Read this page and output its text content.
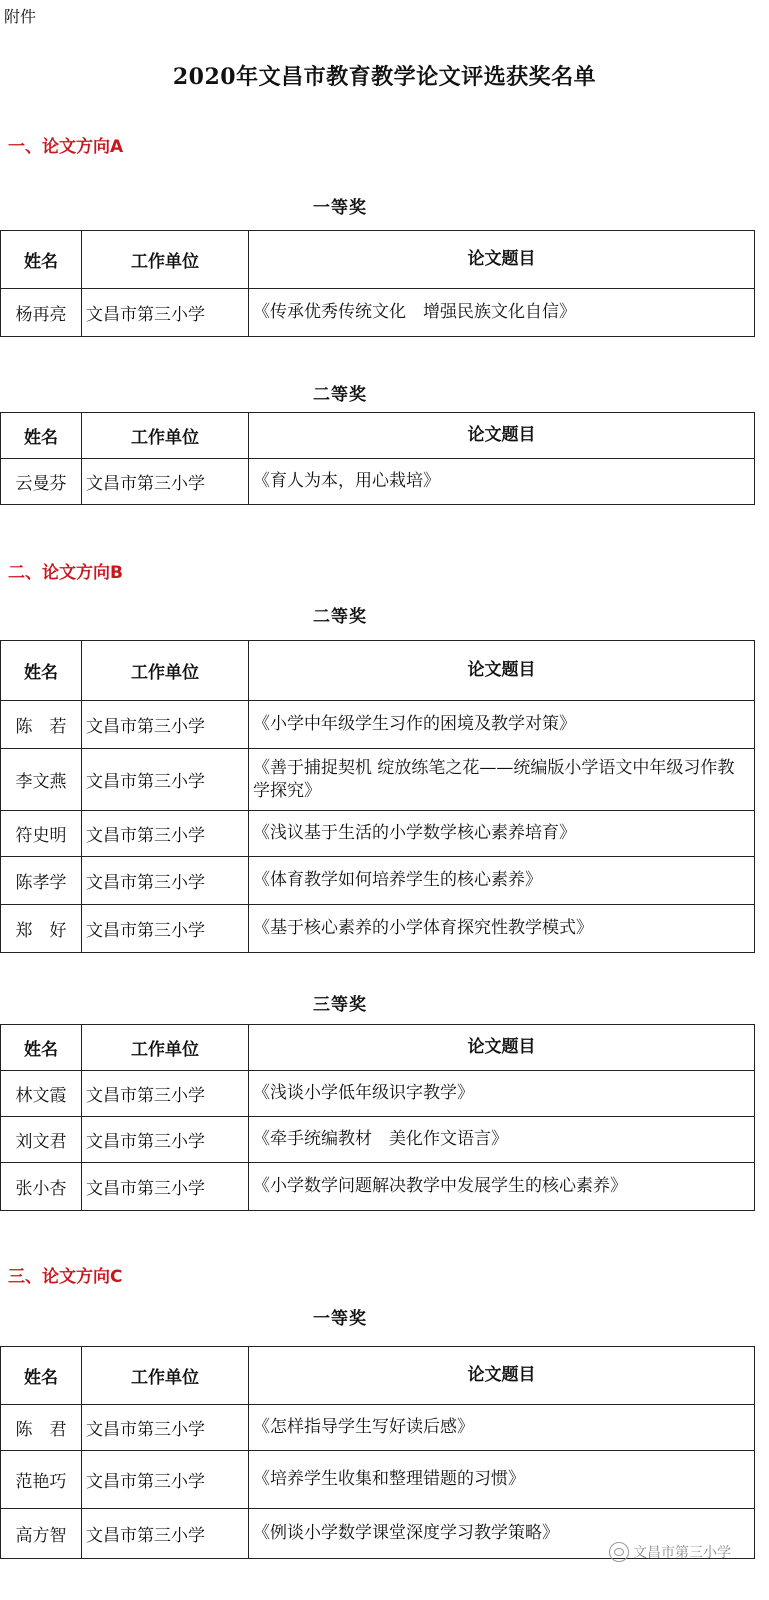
附件
2020年文昌市教育教学论文评选获奖名单
一、论文方向A
一等奖
姓名	工作单位	论文题目
杨再亮	文昌市第三小学	《传承优秀传统文化　增强民族文化自信》
二等奖
姓名	工作单位	论文题目
云曼芬	文昌市第三小学	《育人为本，用心栽培》
二、论文方向B
二等奖
姓名	工作单位	论文题目
陈　若	文昌市第三小学	《小学中年级学生习作的困境及教学对策》
李文燕	文昌市第三小学	《善于捕捉契机 绽放练笔之花——统编版小学语文中年级习作教学探究》
符史明	文昌市第三小学	《浅议基于生活的小学数学核心素养培育》
陈孝学	文昌市第三小学	《体育教学如何培养学生的核心素养》
郑　好	文昌市第三小学	《基于核心素养的小学体育探究性教学模式》
三等奖
姓名	工作单位	论文题目
林文霞	文昌市第三小学	《浅谈小学低年级识字教学》
刘文君	文昌市第三小学	《牵手统编教材　美化作文语言》
张小杏	文昌市第三小学	《小学数学问题解决教学中发展学生的核心素养》
三、论文方向C
一等奖
姓名	工作单位	论文题目
陈　君	文昌市第三小学	《怎样指导学生写好读后感》
范艳巧	文昌市第三小学	《培养学生收集和整理错题的习惯》
高方智	文昌市第三小学	《例谈小学数学课堂深度学习教学策略》
文昌市第三小学
